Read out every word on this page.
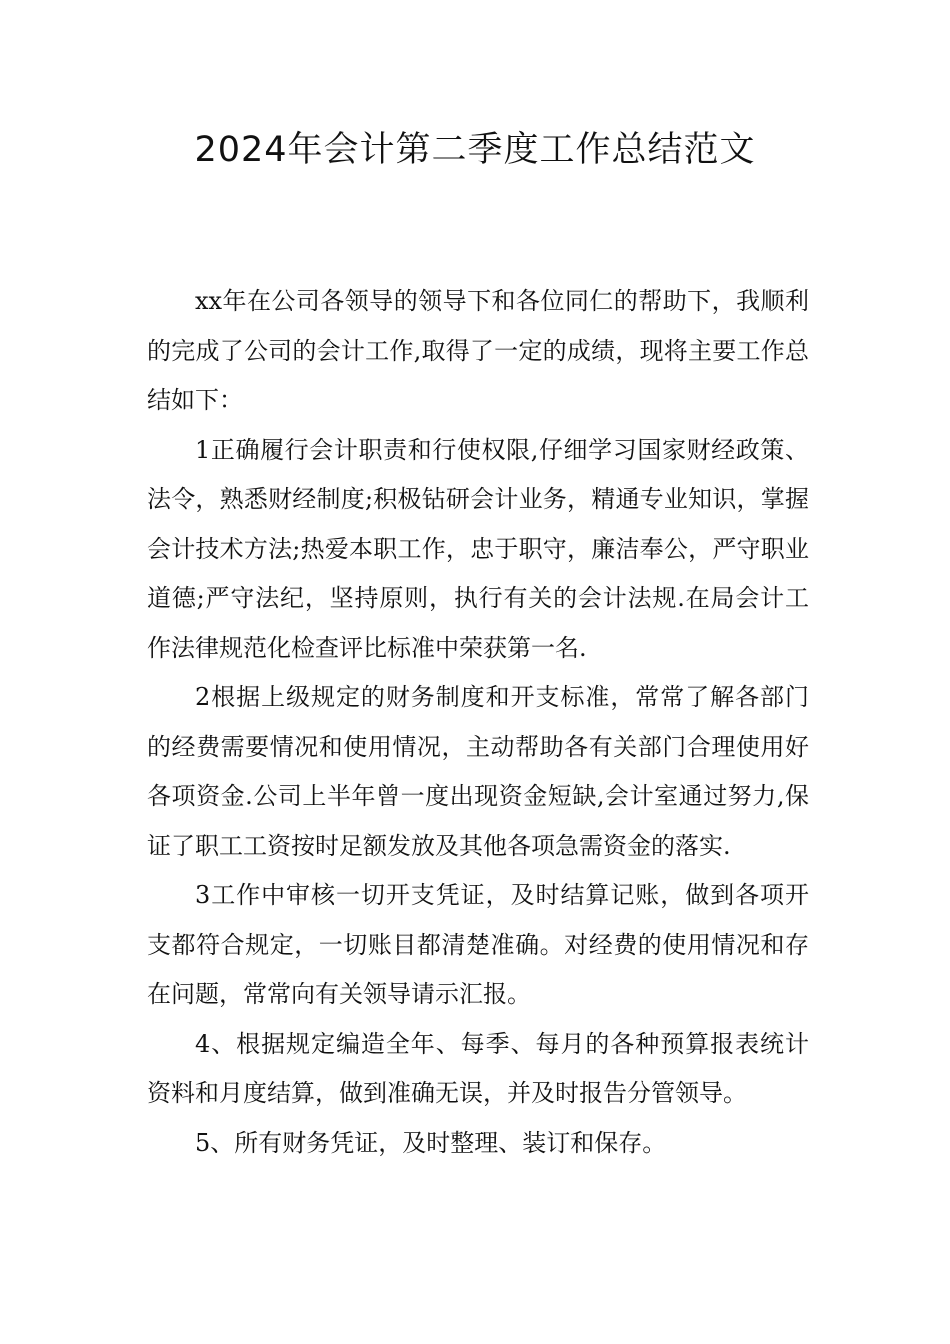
2024年会计第二季度工作总结范文

xx年在公司各领导的领导下和各位同仁的帮助下，我顺利的完成了公司的会计工作,取得了一定的成绩，现将主要工作总结如下：

1正确履行会计职责和行使权限,仔细学习国家财经政策、法令，熟悉财经制度;积极钻研会计业务，精通专业知识，掌握会计技术方法;热爱本职工作，忠于职守，廉洁奉公，严守职业道德;严守法纪，坚持原则，执行有关的会计法规.在局会计工作法律规范化检查评比标准中荣获第一名.

2根据上级规定的财务制度和开支标准，常常了解各部门的经费需要情况和使用情况，主动帮助各有关部门合理使用好各项资金.公司上半年曾一度出现资金短缺,会计室通过努力,保证了职工工资按时足额发放及其他各项急需资金的落实.

3工作中审核一切开支凭证，及时结算记账，做到各项开支都符合规定，一切账目都清楚准确。对经费的使用情况和存在问题，常常向有关领导请示汇报。

4、根据规定编造全年、每季、每月的各种预算报表统计资料和月度结算，做到准确无误，并及时报告分管领导。

5、所有财务凭证，及时整理、装订和保存。
